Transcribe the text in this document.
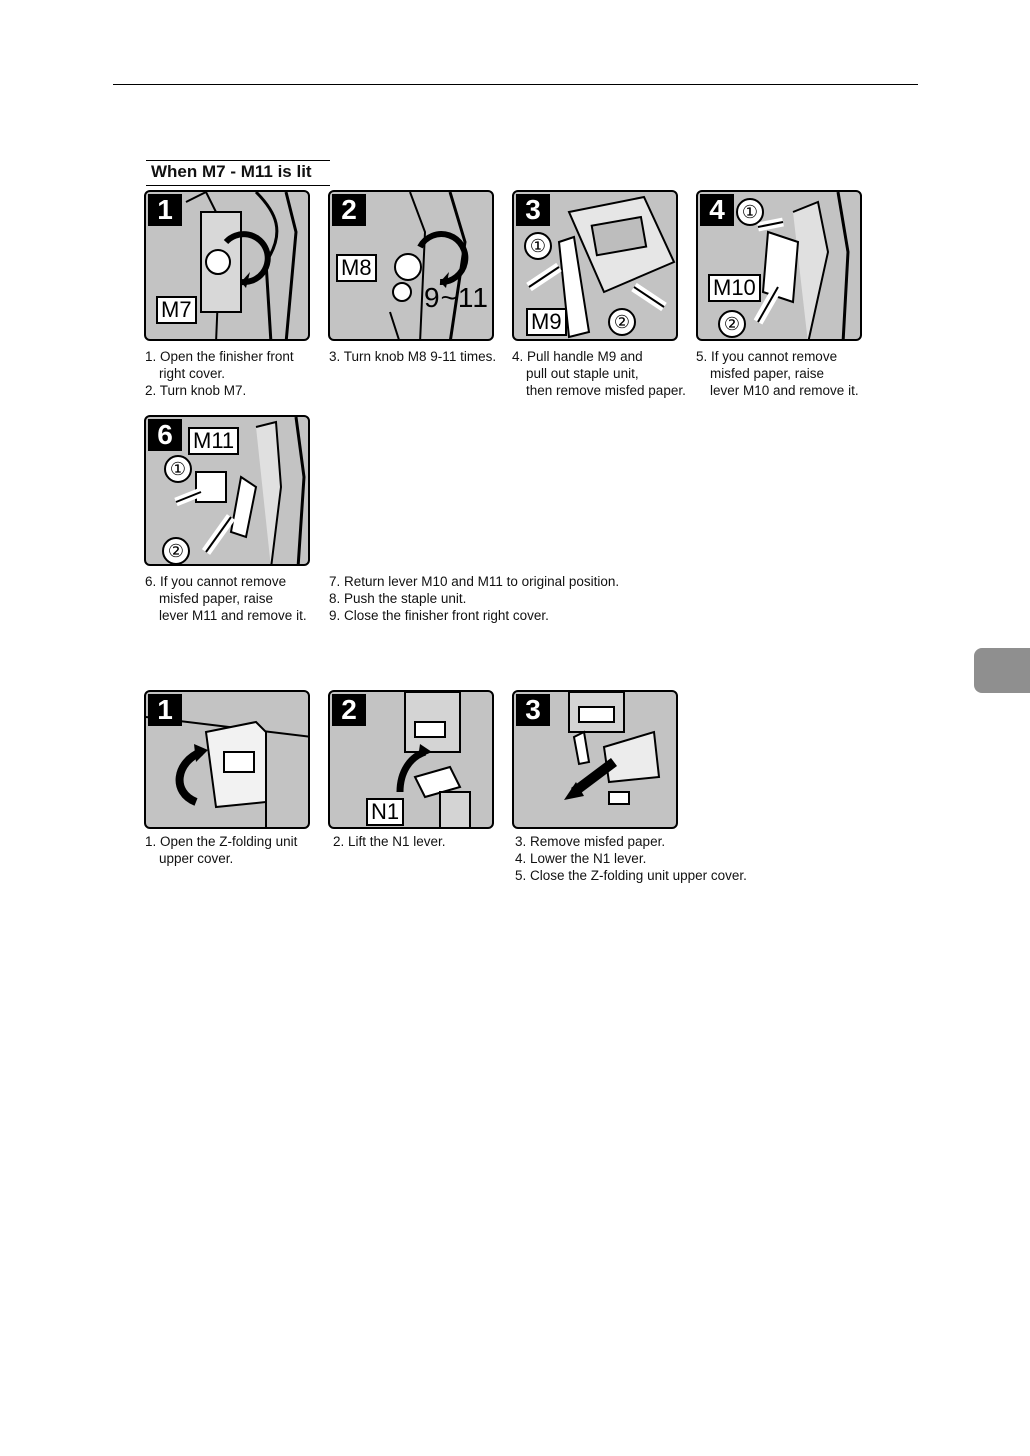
When M7 - M11 is lit
1
M7
2
M8
9~11
3
①
②
M9
4 ①
M10
②
1. Open the finisher front
right cover.
2. Turn knob M7.
3. Turn knob M8 9-11 times. 4. Pull handle M9 and
pull out staple unit,
then remove misfed paper.
5. If you cannot remove
misfed paper, raise
lever M10 and remove it.
6 M11
①
②
6. If you cannot remove
misfed paper, raise
lever M11 and remove it.
7. Return lever M10 and M11 to original position.
8. Push the staple unit.
9. Close the finisher front right cover.
1	2
N1
3
1. Open the Z-folding unit
upper cover.
2. Lift the N1 lever.	3. Remove misfed paper.
4. Lower the N1 lever.
5. Close the Z-folding unit upper cover.
